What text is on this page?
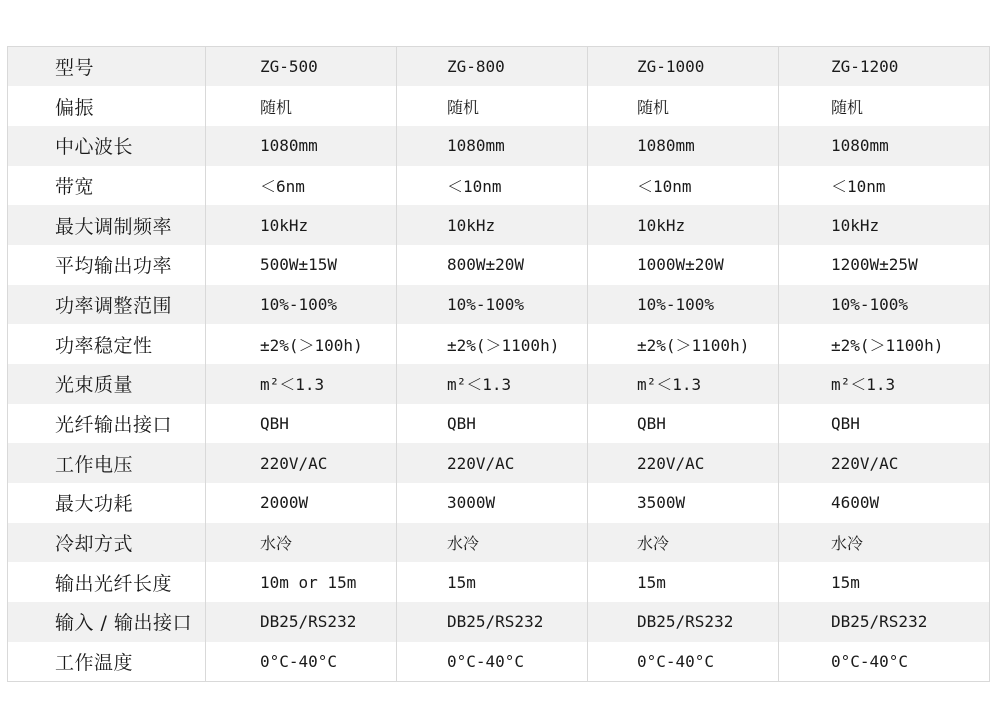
型号	ZG-500	ZG-800	ZG-1000	ZG-1200
偏振	随机	随机	随机	随机
中心波长	1080mm	1080mm	1080mm	1080mm
带宽	＜6nm	＜10nm	＜10nm	＜10nm
最大调制频率	10kHz	10kHz	10kHz	10kHz
平均输出功率	500W±15W	800W±20W	1000W±20W	1200W±25W
功率调整范围	10%-100%	10%-100%	10%-100%	10%-100%
功率稳定性	±2%(＞100h)	±2%(＞1100h)	±2%(＞1100h)	±2%(＞1100h)
光束质量	m²＜1.3	m²＜1.3	m²＜1.3	m²＜1.3
光纤输出接口	QBH	QBH	QBH	QBH
工作电压	220V/AC	220V/AC	220V/AC	220V/AC
最大功耗	2000W	3000W	3500W	4600W
冷却方式	水冷	水冷	水冷	水冷
输出光纤长度	10m or 15m	15m	15m	15m
输入 / 输出接口	DB25/RS232	DB25/RS232	DB25/RS232	DB25/RS232
工作温度	0°C-40°C	0°C-40°C	0°C-40°C	0°C-40°C
